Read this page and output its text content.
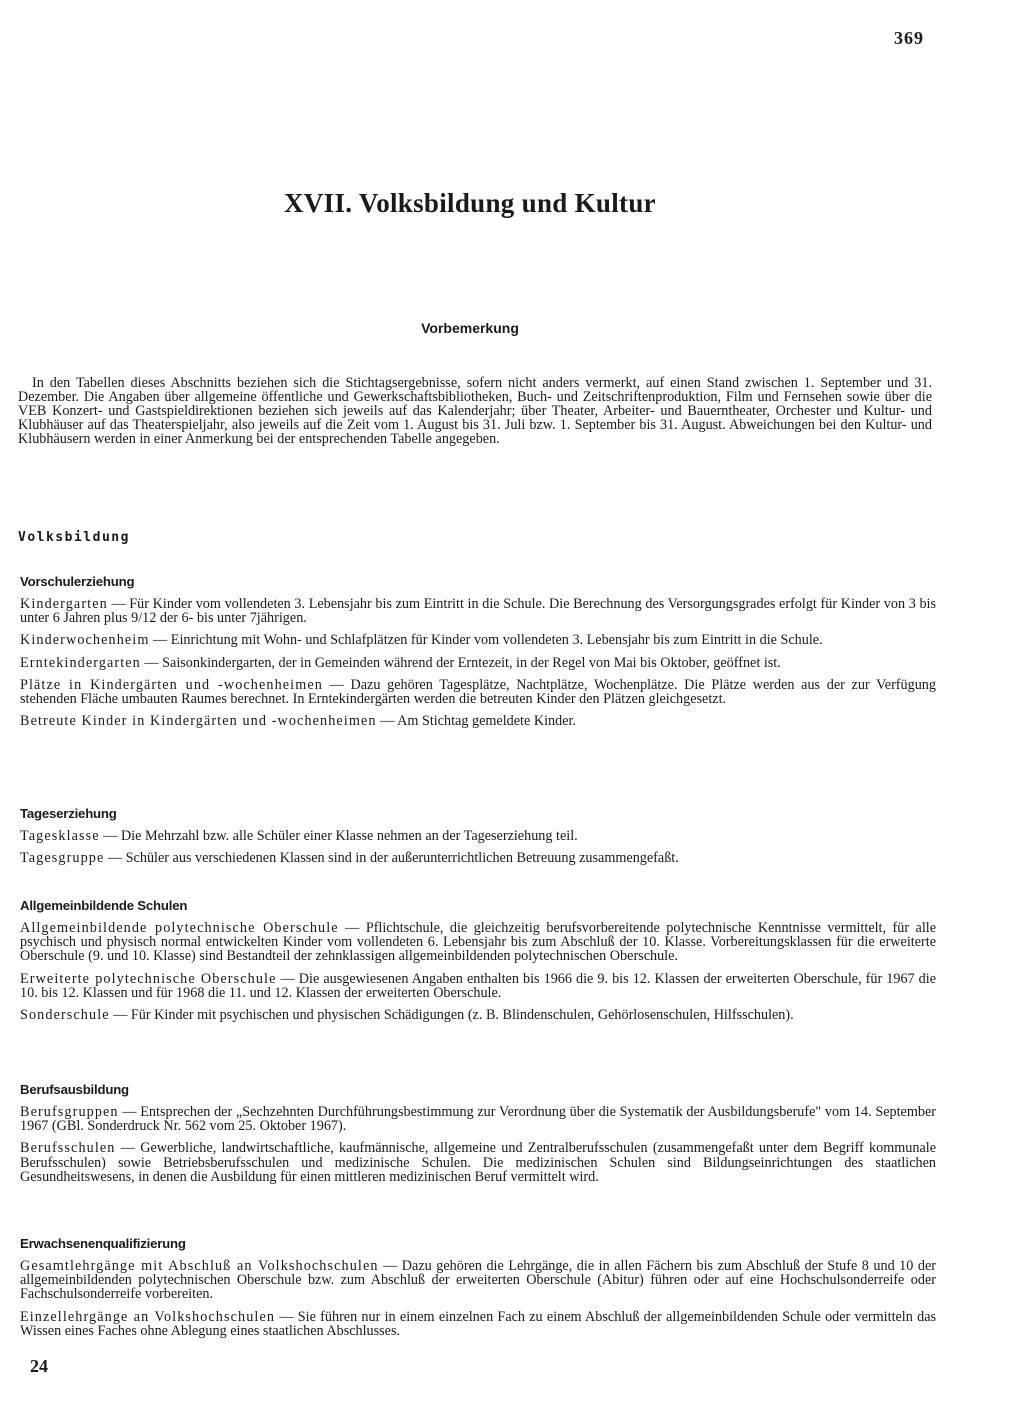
369
XVII. Volksbildung und Kultur
Vorbemerkung

In den Tabellen dieses Abschnitts beziehen sich die Stichtagsergebnisse, sofern nicht anders vermerkt, auf einen Stand zwischen 1. September und 31. Dezember. Die Angaben über allgemeine öffentliche und Gewerkschaftsbibliotheken, Buch- und Zeitschriftenproduktion, Film und Fernsehen sowie über die VEB Konzert- und Gastspieldirektionen beziehen sich jeweils auf das Kalenderjahr; über Theater, Arbeiter- und Bauerntheater, Orchester und Kultur- und Klubhäuser auf das Theaterspieljahr, also jeweils auf die Zeit vom 1. August bis 31. Juli bzw. 1. September bis 31. August. Abweichungen bei den Kultur- und Klubhäusern werden in einer Anmerkung bei der entsprechenden Tabelle angegeben.

Volksbildung
Vorschulerziehung

Kindergarten — Für Kinder vom vollendeten 3. Lebensjahr bis zum Eintritt in die Schule. Die Berechnung des Versorgungsgrades erfolgt für Kinder von 3 bis unter 6 Jahren plus 9/12 der 6- bis unter 7jährigen.

Kinderwochenheim — Einrichtung mit Wohn- und Schlafplätzen für Kinder vom vollendeten 3. Lebensjahr bis zum Eintritt in die Schule.

Erntekindergarten — Saisonkindergarten, der in Gemeinden während der Erntezeit, in der Regel von Mai bis Oktober, geöffnet ist.

Plätze in Kindergärten und -wochenheimen — Dazu gehören Tagesplätze, Nachtplätze, Wochenplätze. Die Plätze werden aus der zur Verfügung stehenden Fläche umbauten Raumes berechnet. In Erntekindergärten werden die betreuten Kinder den Plätzen gleichgesetzt.

Betreute Kinder in Kindergärten und -wochenheimen — Am Stichtag gemeldete Kinder.

Tageserziehung

Tagesklasse — Die Mehrzahl bzw. alle Schüler einer Klasse nehmen an der Tageserziehung teil.

Tagesgruppe — Schüler aus verschiedenen Klassen sind in der außerunterrichtlichen Betreuung zusammengefaßt.

Allgemeinbildende Schulen

Allgemeinbildende polytechnische Oberschule — Pflichtschule, die gleichzeitig berufsvorbereitende polytechnische Kenntnisse vermittelt, für alle psychisch und physisch normal entwickelten Kinder vom vollendeten 6. Lebensjahr bis zum Abschluß der 10. Klasse. Vorbereitungsklassen für die erweiterte Oberschule (9. und 10. Klasse) sind Bestandteil der zehnklassigen allgemeinbildenden polytechnischen Oberschule.

Erweiterte polytechnische Oberschule — Die ausgewiesenen Angaben enthalten bis 1966 die 9. bis 12. Klassen der erweiterten Oberschule, für 1967 die 10. bis 12. Klassen und für 1968 die 11. und 12. Klassen der erweiterten Oberschule.

Sonderschule — Für Kinder mit psychischen und physischen Schädigungen (z. B. Blindenschulen, Gehörlosenschulen, Hilfsschulen).

Berufsausbildung

Berufsgruppen — Entsprechen der „Sechzehnten Durchführungsbestimmung zur Verordnung über die Systematik der Ausbildungsberufe" vom 14. September 1967 (GBl. Sonderdruck Nr. 562 vom 25. Oktober 1967).

Berufsschulen — Gewerbliche, landwirtschaftliche, kaufmännische, allgemeine und Zentralberufsschulen (zusammengefaßt unter dem Begriff kommunale Berufsschulen) sowie Betriebsberufsschulen und medizinische Schulen. Die medizinischen Schulen sind Bildungseinrichtungen des staatlichen Gesundheitswesens, in denen die Ausbildung für einen mittleren medizinischen Beruf vermittelt wird.

Erwachsenenqualifizierung

Gesamtlehrgänge mit Abschluß an Volkshochschulen — Dazu gehören die Lehrgänge, die in allen Fächern bis zum Abschluß der Stufe 8 und 10 der allgemeinbildenden polytechnischen Oberschule bzw. zum Abschluß der erweiterten Oberschule (Abitur) führen oder auf eine Hochschulsonderreife oder Fachschulsonderreife vorbereiten.

Einzellehrgänge an Volkshochschulen — Sie führen nur in einem einzelnen Fach zu einem Abschluß der allgemeinbildenden Schule oder vermitteln das Wissen eines Faches ohne Ablegung eines staatlichen Abschlusses.

24
